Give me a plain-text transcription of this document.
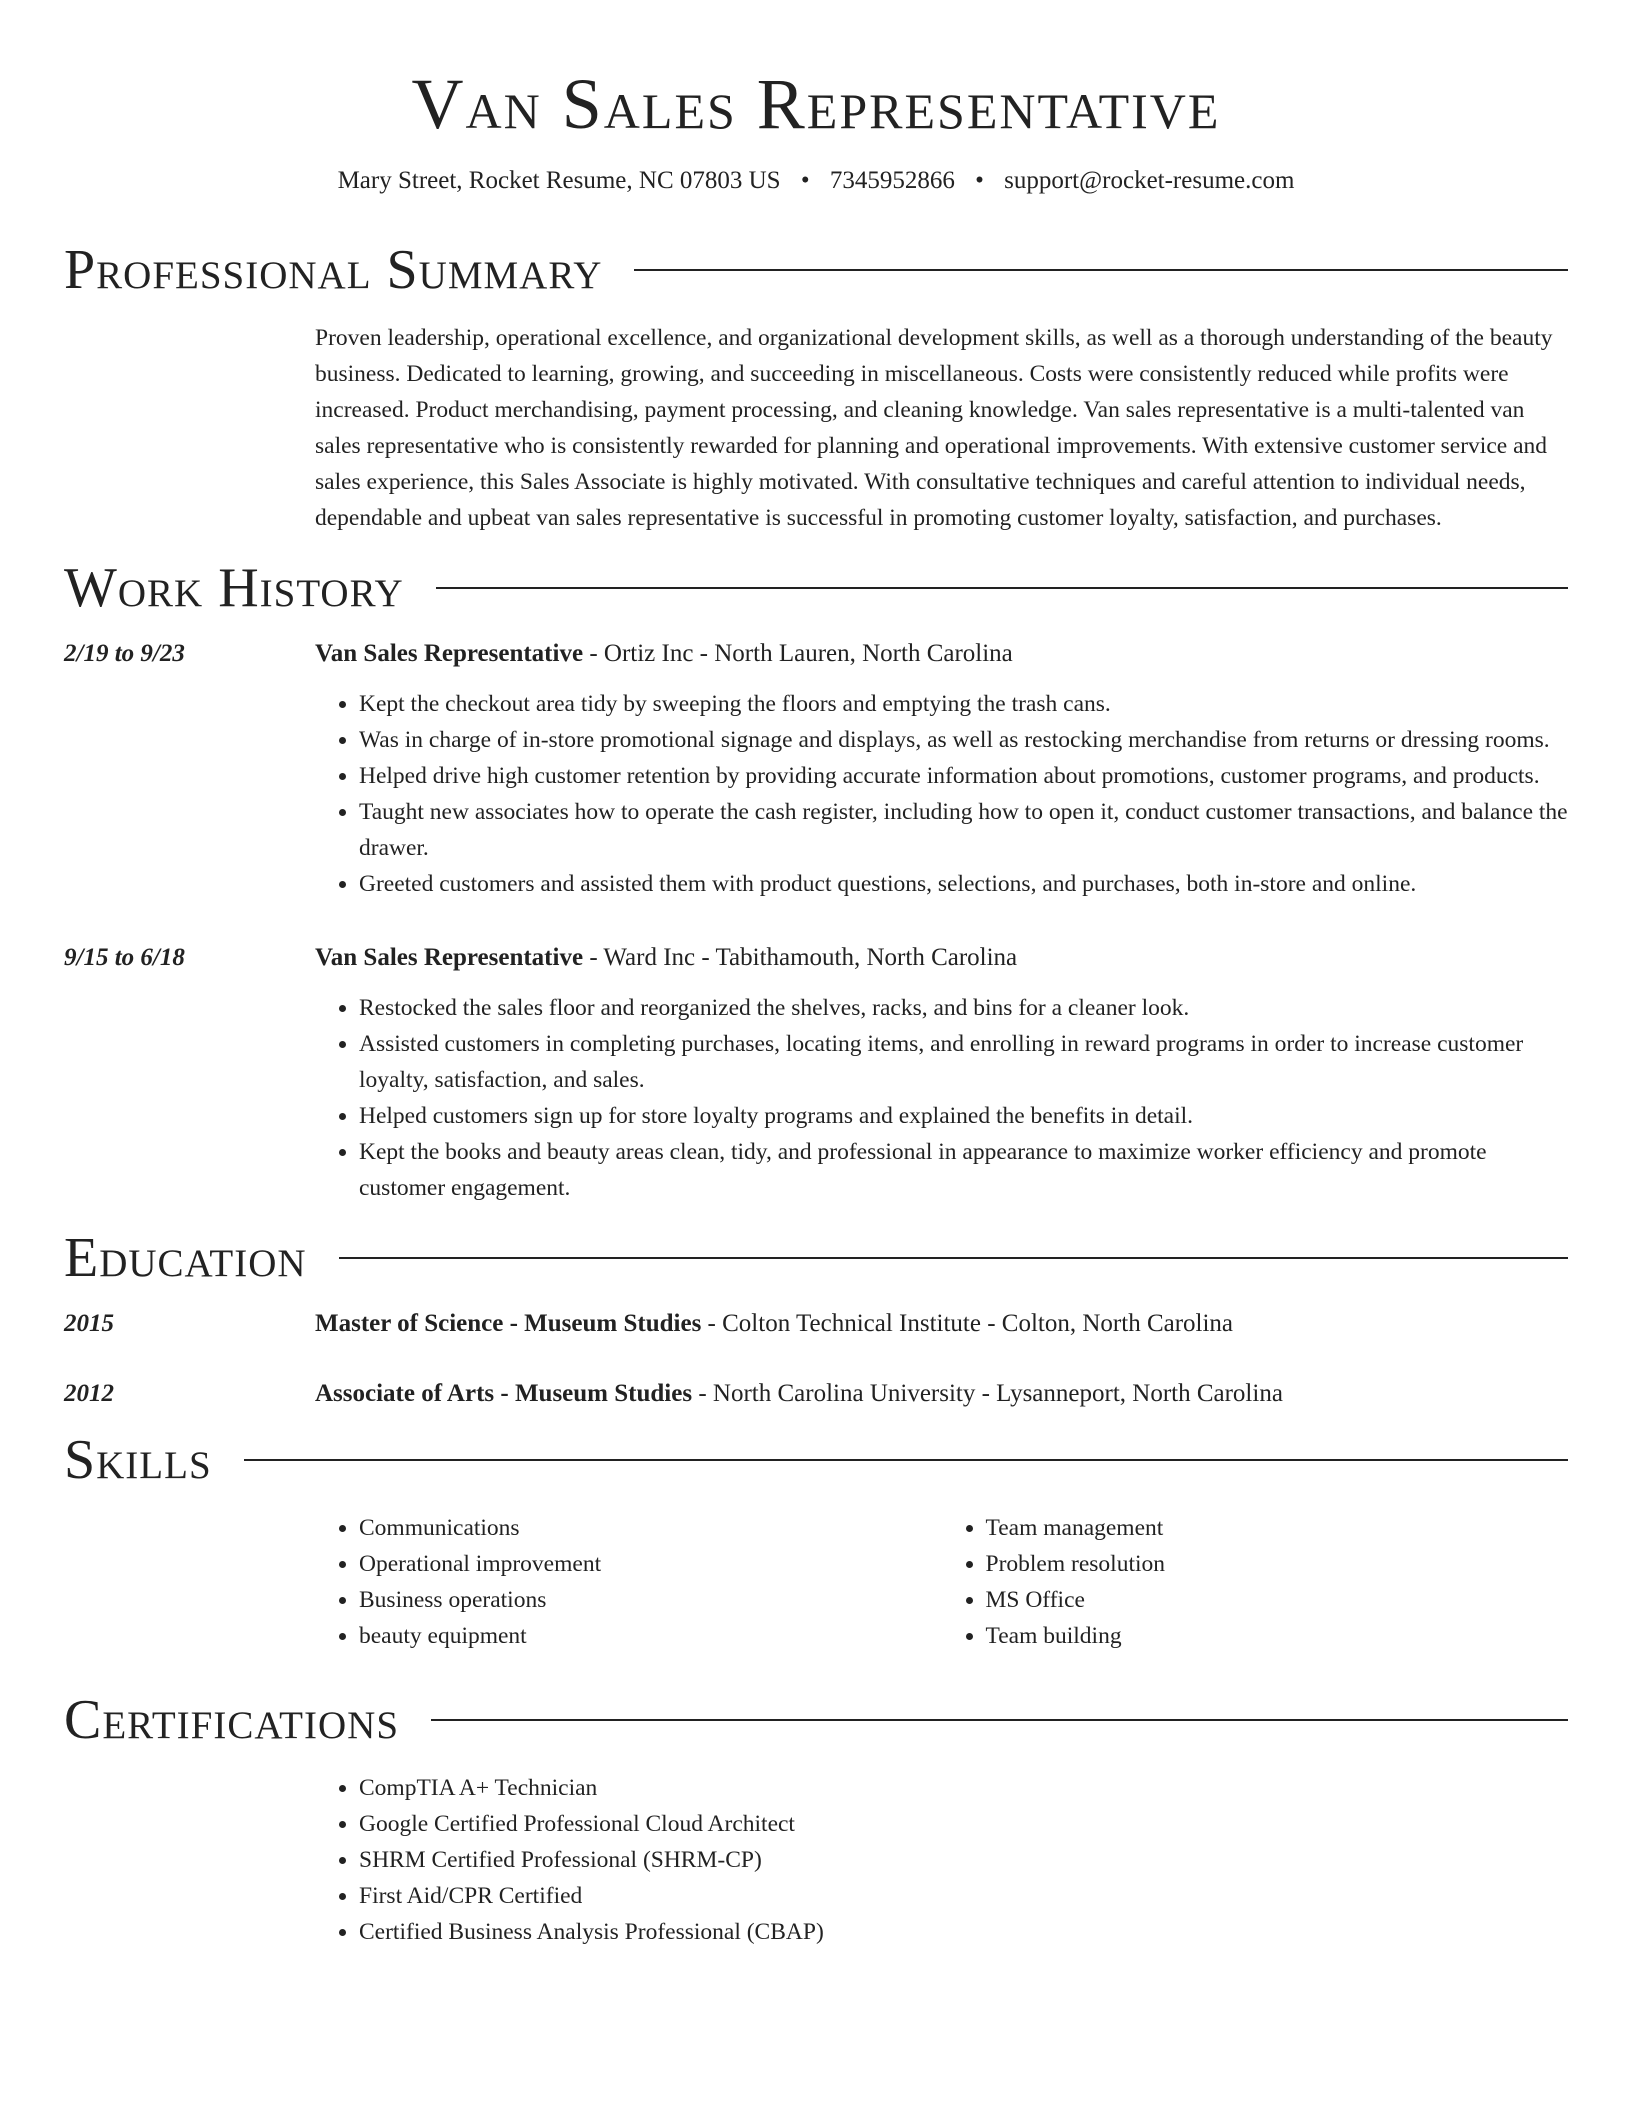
Van Sales Representative
Mary Street, Rocket Resume, NC 07803 US • 7345952866 • support@rocket-resume.com
Professional Summary
Proven leadership, operational excellence, and organizational development skills, as well as a thorough understanding of the beauty business. Dedicated to learning, growing, and succeeding in miscellaneous. Costs were consistently reduced while profits were increased. Product merchandising, payment processing, and cleaning knowledge. Van sales representative is a multi-talented van sales representative who is consistently rewarded for planning and operational improvements. With extensive customer service and sales experience, this Sales Associate is highly motivated. With consultative techniques and careful attention to individual needs, dependable and upbeat van sales representative is successful in promoting customer loyalty, satisfaction, and purchases.
Work History
2/19 to 9/23	Van Sales Representative - Ortiz Inc - North Lauren, North Carolina
• Kept the checkout area tidy by sweeping the floors and emptying the trash cans.
• Was in charge of in-store promotional signage and displays, as well as restocking merchandise from returns or dressing rooms.
• Helped drive high customer retention by providing accurate information about promotions, customer programs, and products.
• Taught new associates how to operate the cash register, including how to open it, conduct customer transactions, and balance the drawer.
• Greeted customers and assisted them with product questions, selections, and purchases, both in-store and online.
9/15 to 6/18	Van Sales Representative - Ward Inc - Tabithamouth, North Carolina
• Restocked the sales floor and reorganized the shelves, racks, and bins for a cleaner look.
• Assisted customers in completing purchases, locating items, and enrolling in reward programs in order to increase customer loyalty, satisfaction, and sales.
• Helped customers sign up for store loyalty programs and explained the benefits in detail.
• Kept the books and beauty areas clean, tidy, and professional in appearance to maximize worker efficiency and promote customer engagement.
Education
2015	Master of Science - Museum Studies - Colton Technical Institute - Colton, North Carolina
2012	Associate of Arts - Museum Studies - North Carolina University - Lysanneport, North Carolina
Skills
• Communications
• Operational improvement
• Business operations
• beauty equipment
• Team management
• Problem resolution
• MS Office
• Team building
Certifications
• CompTIA A+ Technician
• Google Certified Professional Cloud Architect
• SHRM Certified Professional (SHRM-CP)
• First Aid/CPR Certified
• Certified Business Analysis Professional (CBAP)
